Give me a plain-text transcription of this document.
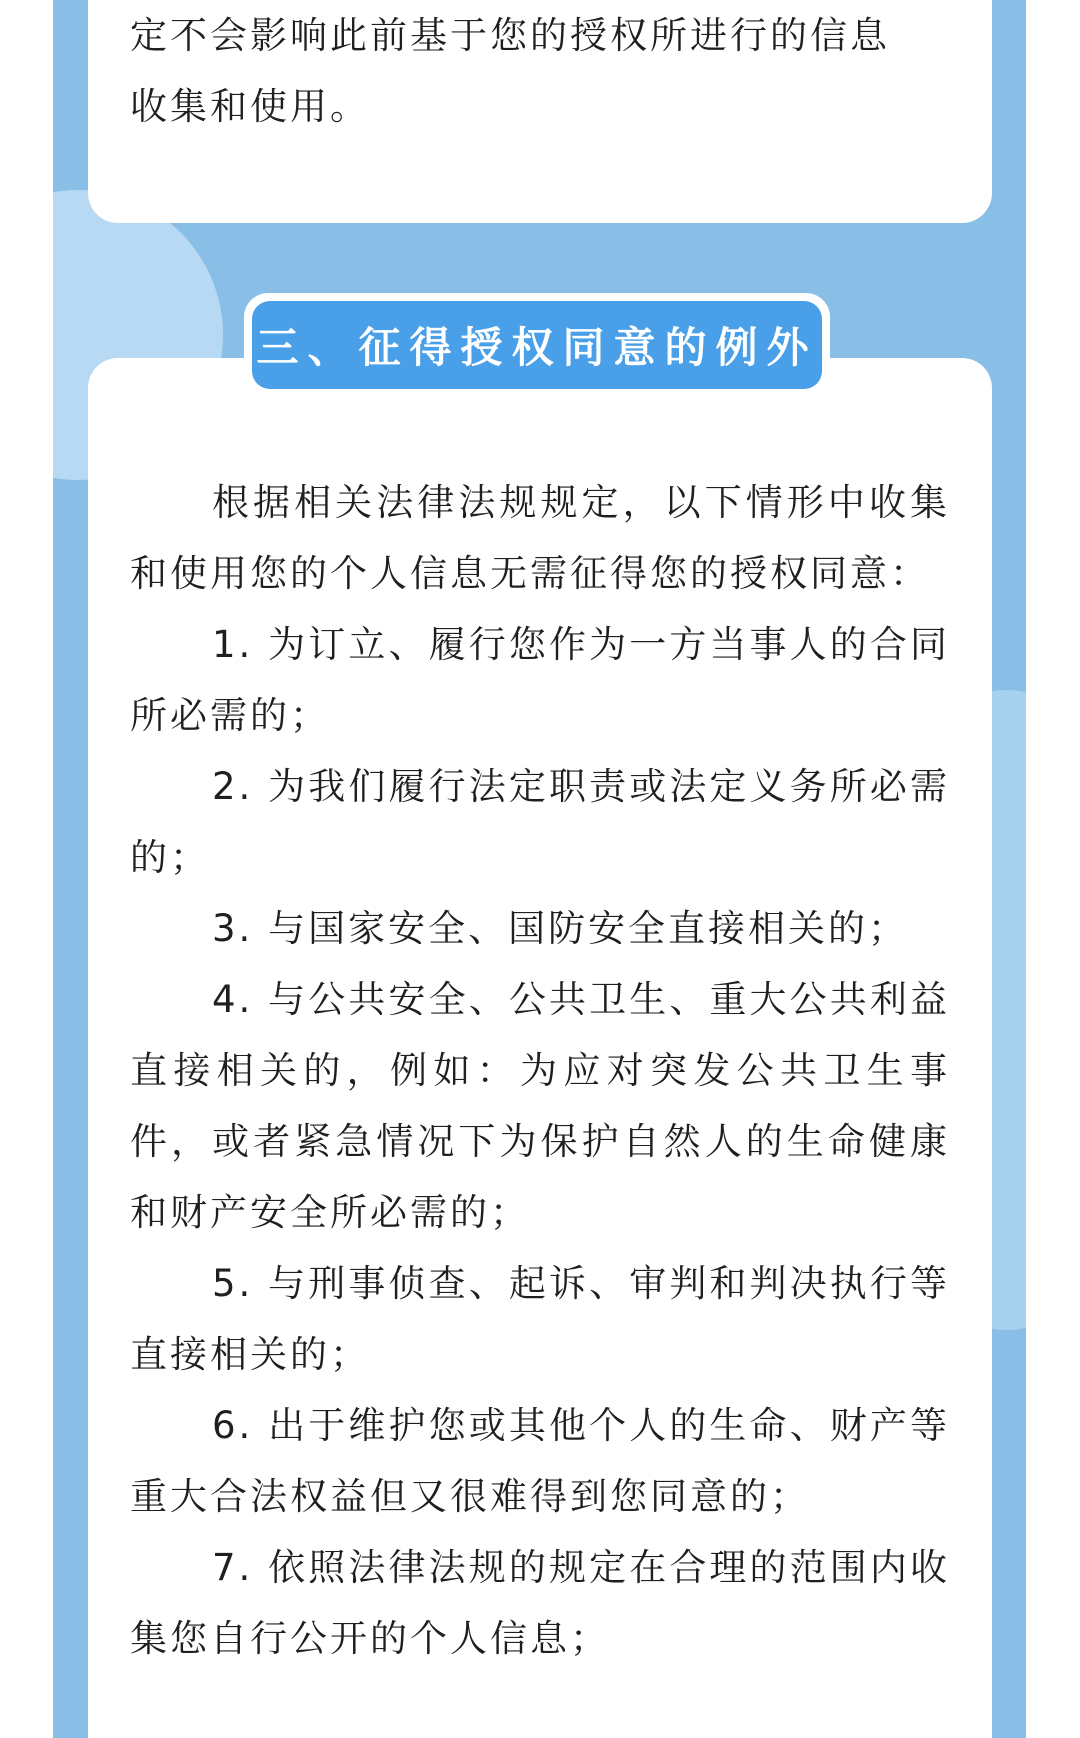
定不会影响此前基于您的授权所进行的信息

收集和使用。

三、征得授权同意的例外

根据相关法律法规规定，以下情形中收集和使用您的个人信息无需征得您的授权同意：

1. 为订立、履行您作为一方当事人的合同所必需的；

2. 为我们履行法定职责或法定义务所必需的；

3. 与国家安全、国防安全直接相关的；

4. 与公共安全、公共卫生、重大公共利益直接相关的，例如：为应对突发公共卫生事件，或者紧急情况下为保护自然人的生命健康和财产安全所必需的；

5. 与刑事侦查、起诉、审判和判决执行等直接相关的；

6. 出于维护您或其他个人的生命、财产等重大合法权益但又很难得到您同意的；

7. 依照法律法规的规定在合理的范围内收集您自行公开的个人信息；
